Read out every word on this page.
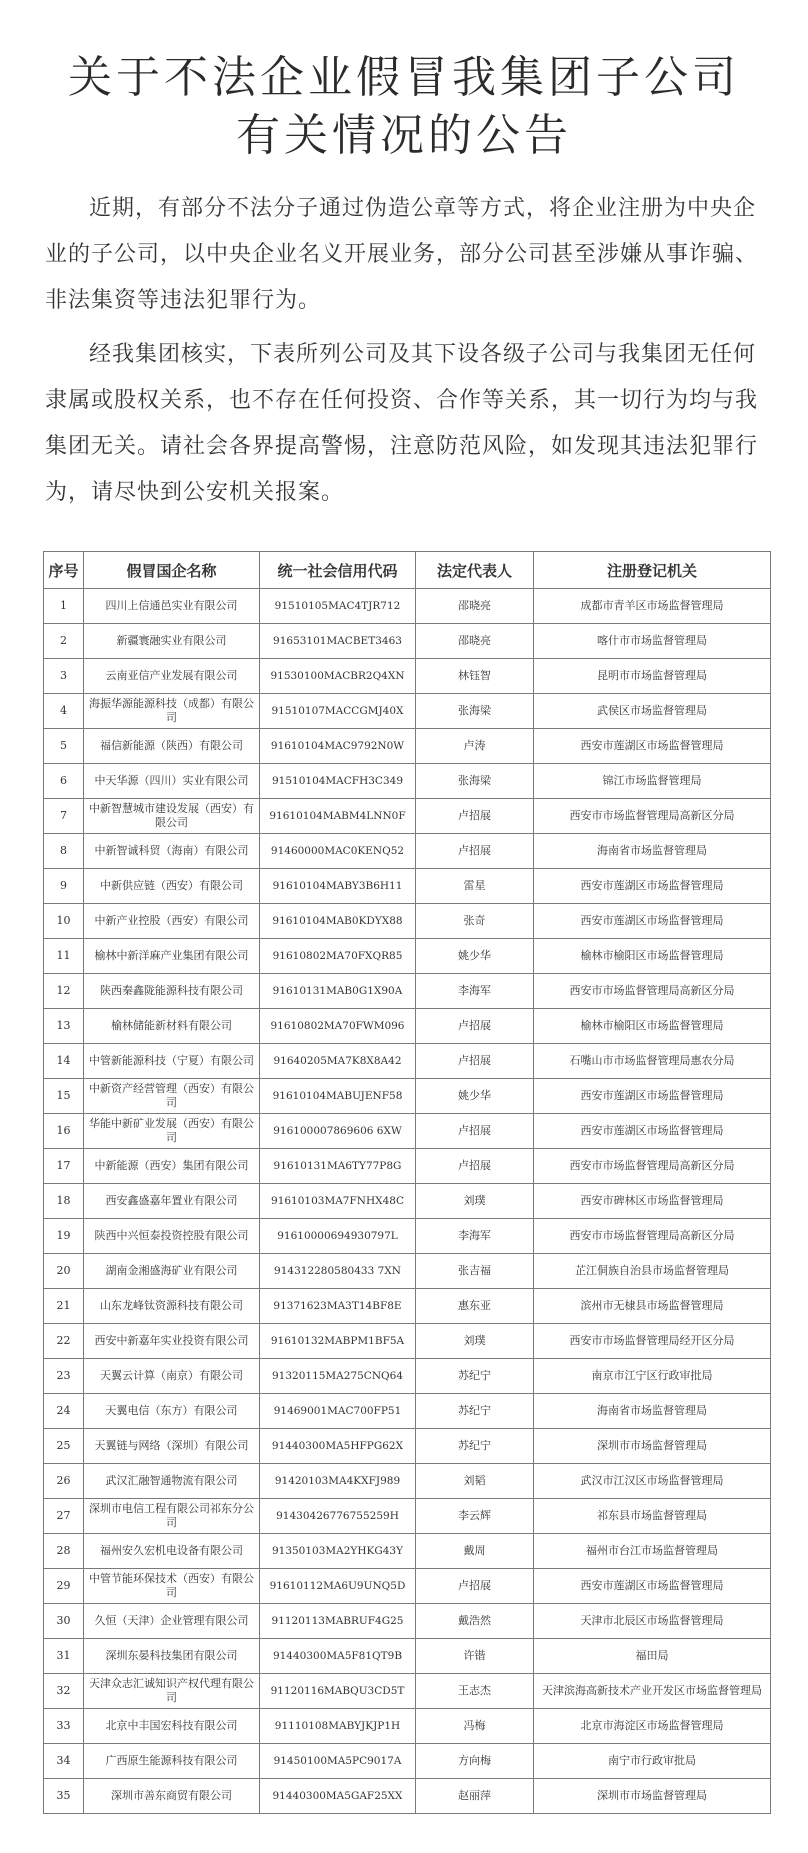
关于不法企业假冒我集团子公司
有关情况的公告

近期，有部分不法分子通过伪造公章等方式，将企业注册为中央企业的子公司，以中央企业名义开展业务，部分公司甚至涉嫌从事诈骗、非法集资等违法犯罪行为。

经我集团核实，下表所列公司及其下设各级子公司与我集团无任何隶属或股权关系，也不存在任何投资、合作等关系，其一切行为均与我集团无关。请社会各界提高警惕，注意防范风险，如发现其违法犯罪行为，请尽快到公安机关报案。

序号	假冒国企名称	统一社会信用代码	法定代表人	注册登记机关
1	四川上信通邑实业有限公司	91510105MAC4TJR712	邵晓亮	成都市青羊区市场监督管理局
2	新疆寰融实业有限公司	91653101MACBET3463	邵晓亮	喀什市市场监督管理局
3	云南亚信产业发展有限公司	91530100MACBR2Q4XN	林钰智	昆明市市场监督管理局
4	海振华源能源科技（成都）有限公司	91510107MACCGMJ40X	张海梁	武侯区市场监督管理局
5	福信新能源（陕西）有限公司	91610104MAC9792N0W	卢涛	西安市莲湖区市场监督管理局
6	中天华源（四川）实业有限公司	91510104MACFH3C349	张海梁	锦江市场监督管理局
7	中新智慧城市建设发展（西安）有限公司	91610104MABM4LNN0F	卢招展	西安市市场监督管理局高新区分局
8	中新智诚科贸（海南）有限公司	91460000MAC0KENQ52	卢招展	海南省市场监督管理局
9	中新供应链（西安）有限公司	91610104MABY3B6H11	雷星	西安市莲湖区市场监督管理局
10	中新产业控股（西安）有限公司	91610104MAB0KDYX88	张奇	西安市莲湖区市场监督管理局
11	榆林中新洋麻产业集团有限公司	91610802MA70FXQR85	姚少华	榆林市榆阳区市场监督管理局
12	陕西秦鑫陇能源科技有限公司	91610131MAB0G1X90A	李海军	西安市市场监督管理局高新区分局
13	榆林储能新材料有限公司	91610802MA70FWM096	卢招展	榆林市榆阳区市场监督管理局
14	中管新能源科技（宁夏）有限公司	91640205MA7K8X8A42	卢招展	石嘴山市市场监督管理局惠农分局
15	中新资产经营管理（西安）有限公司	91610104MABUJENF58	姚少华	西安市莲湖区市场监督管理局
16	华能中新矿业发展（西安）有限公司	916100007869606 6XW	卢招展	西安市莲湖区市场监督管理局
17	中新能源（西安）集团有限公司	91610131MA6TY77P8G	卢招展	西安市市场监督管理局高新区分局
18	西安鑫盛嘉年置业有限公司	91610103MA7FNHX48C	刘璞	西安市碑林区市场监督管理局
19	陕西中兴恒泰投资控股有限公司	91610000694930797L	李海军	西安市市场监督管理局高新区分局
20	湖南金湘盛海矿业有限公司	914312280580433 7XN	张吉福	芷江侗族自治县市场监督管理局
21	山东龙峰钛资源科技有限公司	91371623MA3T14BF8E	惠东亚	滨州市无棣县市场监督管理局
22	西安中新嘉年实业投资有限公司	91610132MABPM1BF5A	刘璞	西安市市场监督管理局经开区分局
23	天翼云计算（南京）有限公司	91320115MA275CNQ64	苏纪宁	南京市江宁区行政审批局
24	天翼电信（东方）有限公司	91469001MAC700FP51	苏纪宁	海南省市场监督管理局
25	天翼链与网络（深圳）有限公司	91440300MA5HFPG62X	苏纪宁	深圳市市场监督管理局
26	武汉汇融智通物流有限公司	91420103MA4KXFJ989	刘韬	武汉市江汉区市场监督管理局
27	深圳市电信工程有限公司祁东分公司	91430426776755259H	李云辉	祁东县市场监督管理局
28	福州安久宏机电设备有限公司	91350103MA2YHKG43Y	戴周	福州市台江市场监督管理局
29	中管节能环保技术（西安）有限公司	91610112MA6U9UNQ5D	卢招展	西安市莲湖区市场监督管理局
30	久恒（天津）企业管理有限公司	91120113MABRUF4G25	戴浩然	天津市北辰区市场监督管理局
31	深圳东晏科技集团有限公司	91440300MA5F81QT9B	许锴	福田局
32	天津众志汇诚知识产权代理有限公司	91120116MABQU3CD5T	王志杰	天津滨海高新技术产业开发区市场监督管理局
33	北京中丰国宏科技有限公司	91110108MABYJKJP1H	冯梅	北京市海淀区市场监督管理局
34	广西原生能源科技有限公司	91450100MA5PC9017A	方向梅	南宁市行政审批局
35	深圳市善东商贸有限公司	91440300MA5GAF25XX	赵丽萍	深圳市市场监督管理局
